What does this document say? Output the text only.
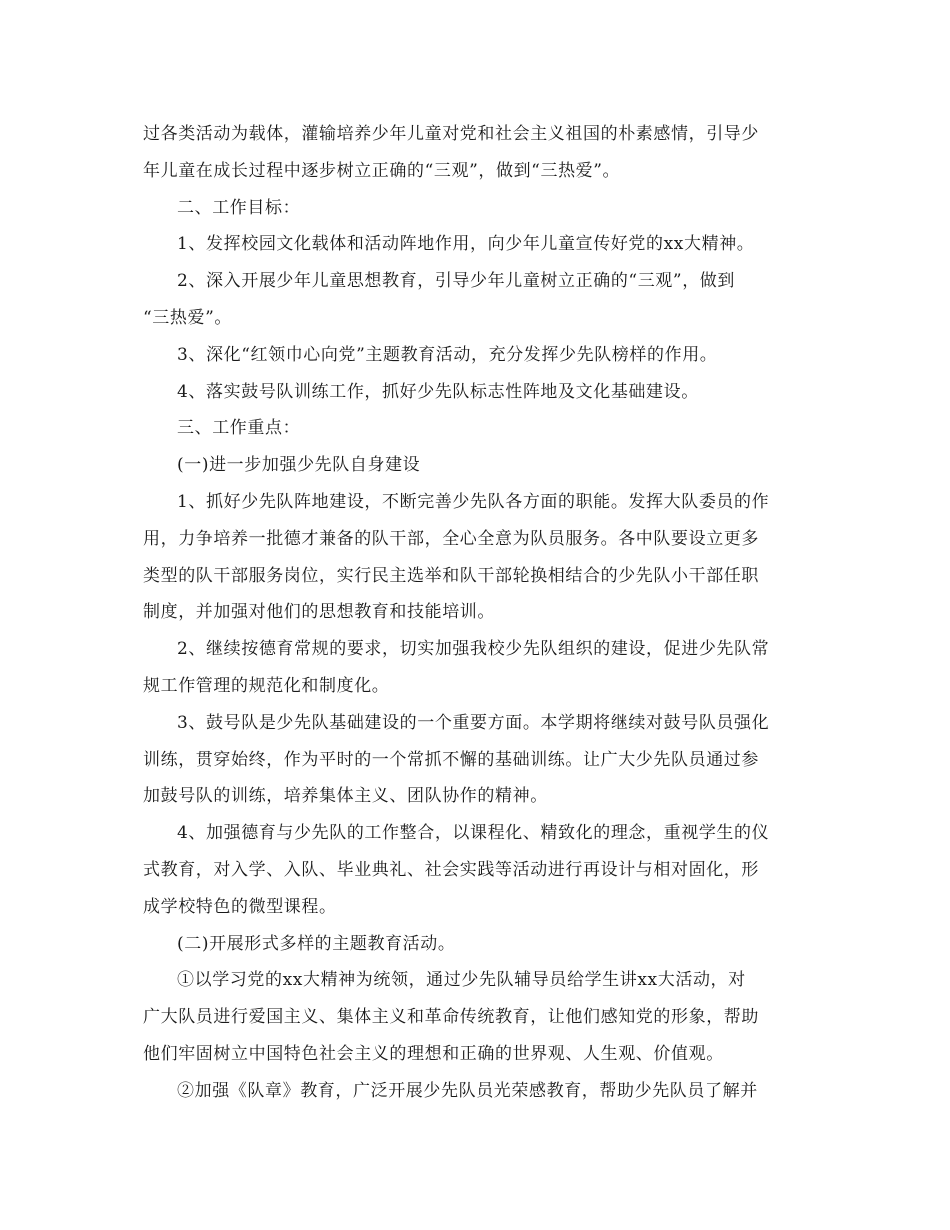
过各类活动为载体，灌输培养少年儿童对党和社会主义祖国的朴素感情，引导少
年儿童在成长过程中逐步树立正确的“三观”，做到“三热爱”。
二、工作目标：
1、发挥校园文化载体和活动阵地作用，向少年儿童宣传好党的xx大精神。
2、深入开展少年儿童思想教育，引导少年儿童树立正确的“三观”，做到
“三热爱”。
3、深化“红领巾心向党”主题教育活动，充分发挥少先队榜样的作用。
4、落实鼓号队训练工作，抓好少先队标志性阵地及文化基础建设。
三、工作重点：
(一)进一步加强少先队自身建设
1、抓好少先队阵地建设，不断完善少先队各方面的职能。发挥大队委员的作
用，力争培养一批德才兼备的队干部，全心全意为队员服务。各中队要设立更多
类型的队干部服务岗位，实行民主选举和队干部轮换相结合的少先队小干部任职
制度，并加强对他们的思想教育和技能培训。
2、继续按德育常规的要求，切实加强我校少先队组织的建设，促进少先队常
规工作管理的规范化和制度化。
3、鼓号队是少先队基础建设的一个重要方面。本学期将继续对鼓号队员强化
训练，贯穿始终，作为平时的一个常抓不懈的基础训练。让广大少先队员通过参
加鼓号队的训练，培养集体主义、团队协作的精神。
4、加强德育与少先队的工作整合，以课程化、精致化的理念，重视学生的仪
式教育，对入学、入队、毕业典礼、社会实践等活动进行再设计与相对固化，形
成学校特色的微型课程。
(二)开展形式多样的主题教育活动。
①以学习党的xx大精神为统领，通过少先队辅导员给学生讲xx大活动，对
广大队员进行爱国主义、集体主义和革命传统教育，让他们感知党的形象，帮助
他们牢固树立中国特色社会主义的理想和正确的世界观、人生观、价值观。
②加强《队章》教育，广泛开展少先队员光荣感教育，帮助少先队员了解并
